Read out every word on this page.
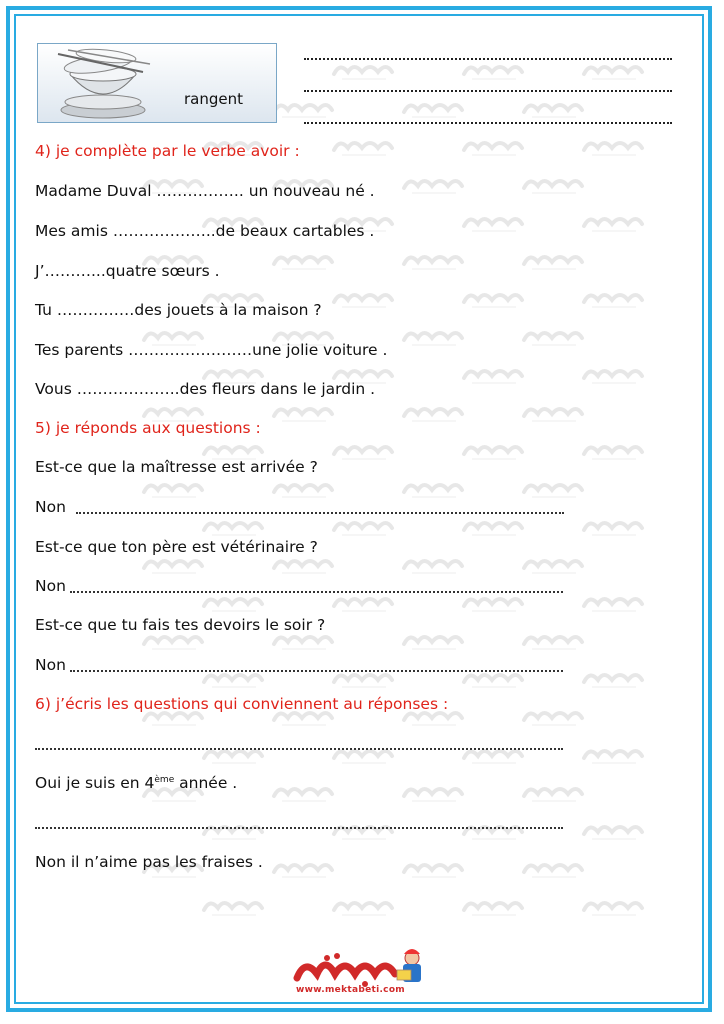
rangent
4) je complète par le verbe avoir :
Madame Duval …………….. un nouveau né .
Mes amis ………………..de beaux cartables .
J’………...quatre sœurs .
Tu ……………des jouets à la maison ?
Tes parents ……………………une jolie voiture .
Vous ………………..des fleurs dans le jardin .
5) je réponds aux questions :
Est-ce que la maîtresse est arrivée ?
Non
Est-ce que ton père est vétérinaire ?
Non
Est-ce que tu fais tes devoirs le soir ?
Non
6) j’écris les questions qui conviennent au réponses :
Oui je suis en 4ème année .
Non il n’aime pas les fraises .
www.mektabeti.com
